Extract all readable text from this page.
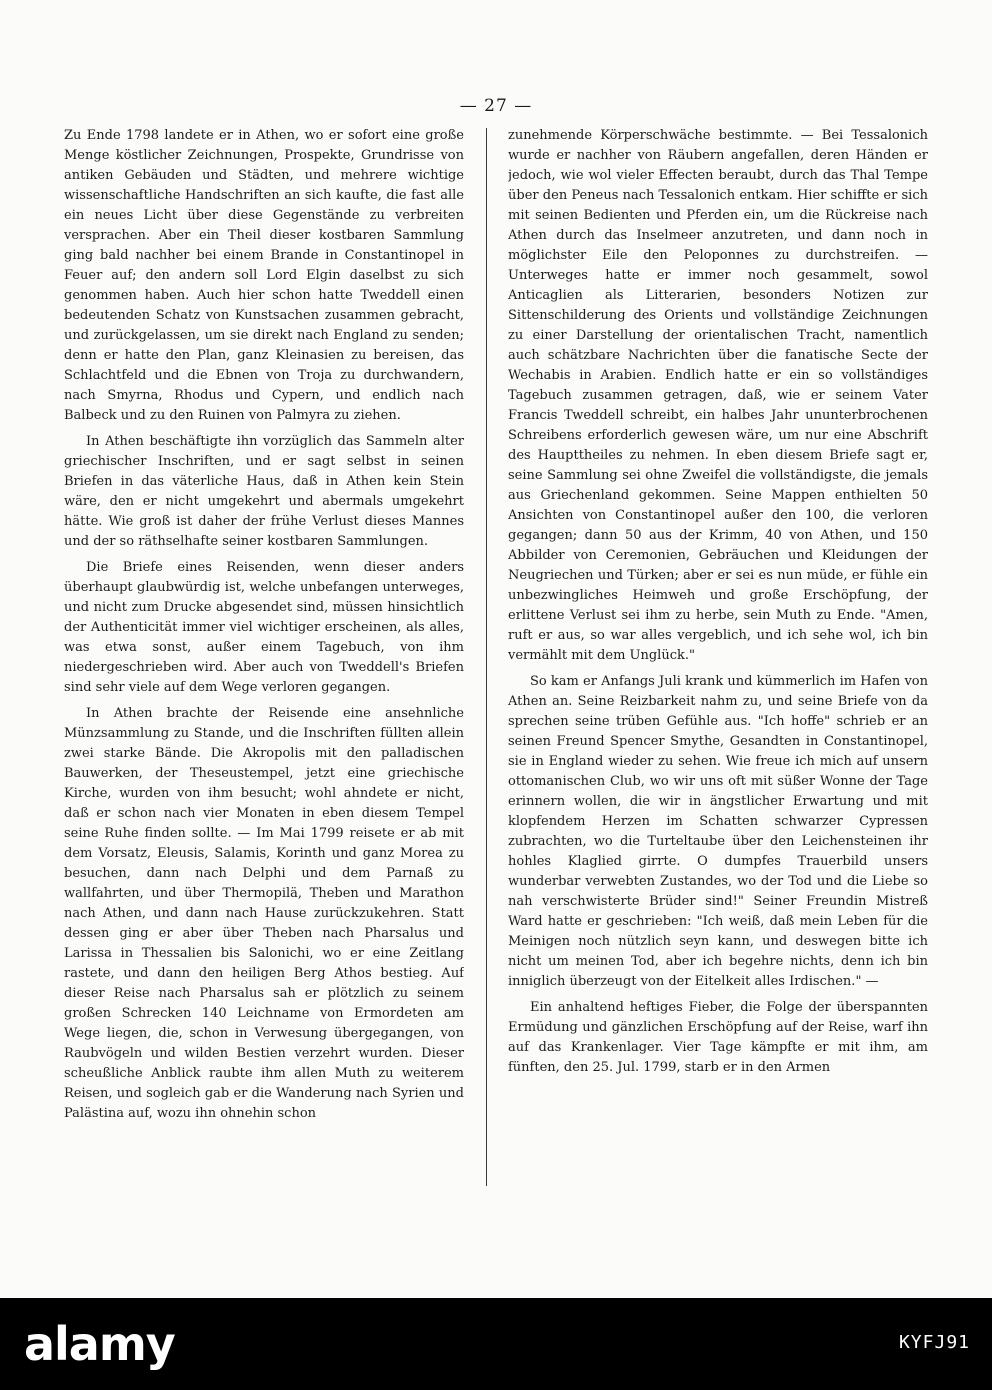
— 27 —

Zu Ende 1798 landete er in Athen, wo er sofort eine große Menge köstlicher Zeichnungen, Prospekte, Grundrisse von antiken Gebäuden und Städten, und mehrere wichtige wissenschaftliche Handschriften an sich kaufte, die fast alle ein neues Licht über diese Gegenstände zu verbreiten versprachen. Aber ein Theil dieser kostbaren Sammlung ging bald nachher bei einem Brande in Constantinopel in Feuer auf; den andern soll Lord Elgin daselbst zu sich genommen haben. Auch hier schon hatte Tweddell einen bedeutenden Schatz von Kunstsachen zusammen gebracht, und zurückgelassen, um sie direkt nach England zu senden; denn er hatte den Plan, ganz Kleinasien zu bereisen, das Schlachtfeld und die Ebnen von Troja zu durchwandern, nach Smyrna, Rhodus und Cypern, und endlich nach Balbeck und zu den Ruinen von Palmyra zu ziehen.

In Athen beschäftigte ihn vorzüglich das Sammeln alter griechischer Inschriften, und er sagt selbst in seinen Briefen in das väterliche Haus, daß in Athen kein Stein wäre, den er nicht umgekehrt und abermals umgekehrt hätte. Wie groß ist daher der frühe Verlust dieses Mannes und der so räthselhafte seiner kostbaren Sammlungen.

Die Briefe eines Reisenden, wenn dieser anders überhaupt glaubwürdig ist, welche unbefangen unterweges, und nicht zum Drucke abgesendet sind, müssen hinsichtlich der Authenticität immer viel wichtiger erscheinen, als alles, was etwa sonst, außer einem Tagebuch, von ihm niedergeschrieben wird. Aber auch von Tweddell's Briefen sind sehr viele auf dem Wege verloren gegangen.

In Athen brachte der Reisende eine ansehnliche Münzsammlung zu Stande, und die Inschriften füllten allein zwei starke Bände. Die Akropolis mit den palladischen Bauwerken, der Theseustempel, jetzt eine griechische Kirche, wurden von ihm besucht; wohl ahndete er nicht, daß er schon nach vier Monaten in eben diesem Tempel seine Ruhe finden sollte. — Im Mai 1799 reisete er ab mit dem Vorsatz, Eleusis, Salamis, Korinth und ganz Morea zu besuchen, dann nach Delphi und dem Parnaß zu wallfahrten, und über Thermopilä, Theben und Marathon nach Athen, und dann nach Hause zurückzukehren. Statt dessen ging er aber über Theben nach Pharsalus und Larissa in Thessalien bis Salonichi, wo er eine Zeitlang rastete, und dann den heiligen Berg Athos bestieg. Auf dieser Reise nach Pharsalus sah er plötzlich zu seinem großen Schrecken 140 Leichname von Ermordeten am Wege liegen, die, schon in Verwesung übergegangen, von Raubvögeln und wilden Bestien verzehrt wurden. Dieser scheußliche Anblick raubte ihm allen Muth zu weiterem Reisen, und sogleich gab er die Wanderung nach Syrien und Palästina auf, wozu ihn ohnehin schon

zunehmende Körperschwäche bestimmte. — Bei Tessalonich wurde er nachher von Räubern angefallen, deren Händen er jedoch, wie wol vieler Effecten beraubt, durch das Thal Tempe über den Peneus nach Tessalonich entkam. Hier schiffte er sich mit seinen Bedienten und Pferden ein, um die Rückreise nach Athen durch das Inselmeer anzutreten, und dann noch in möglichster Eile den Peloponnes zu durchstreifen. — Unterweges hatte er immer noch gesammelt, sowol Anticaglien als Litterarien, besonders Notizen zur Sittenschilderung des Orients und vollständige Zeichnungen zu einer Darstellung der orientalischen Tracht, namentlich auch schätzbare Nachrichten über die fanatische Secte der Wechabis in Arabien. Endlich hatte er ein so vollständiges Tagebuch zusammen getragen, daß, wie er seinem Vater Francis Tweddell schreibt, ein halbes Jahr ununterbrochenen Schreibens erforderlich gewesen wäre, um nur eine Abschrift des Haupttheiles zu nehmen. In eben diesem Briefe sagt er, seine Sammlung sei ohne Zweifel die vollständigste, die jemals aus Griechenland gekommen. Seine Mappen enthielten 50 Ansichten von Constantinopel außer den 100, die verloren gegangen; dann 50 aus der Krimm, 40 von Athen, und 150 Abbilder von Ceremonien, Gebräuchen und Kleidungen der Neugriechen und Türken; aber er sei es nun müde, er fühle ein unbezwingliches Heimweh und große Erschöpfung, der erlittene Verlust sei ihm zu herbe, sein Muth zu Ende. "Amen, ruft er aus, so war alles vergeblich, und ich sehe wol, ich bin vermählt mit dem Unglück."

So kam er Anfangs Juli krank und kümmerlich im Hafen von Athen an. Seine Reizbarkeit nahm zu, und seine Briefe von da sprechen seine trüben Gefühle aus. "Ich hoffe" schrieb er an seinen Freund Spencer Smythe, Gesandten in Constantinopel, sie in England wieder zu sehen. Wie freue ich mich auf unsern ottomanischen Club, wo wir uns oft mit süßer Wonne der Tage erinnern wollen, die wir in ängstlicher Erwartung und mit klopfendem Herzen im Schatten schwarzer Cypressen zubrachten, wo die Turteltaube über den Leichensteinen ihr hohles Klaglied girrte. O dumpfes Trauerbild unsers wunderbar verwebten Zustandes, wo der Tod und die Liebe so nah verschwisterte Brüder sind!" Seiner Freundin Mistreß Ward hatte er geschrieben: "Ich weiß, daß mein Leben für die Meinigen noch nützlich seyn kann, und deswegen bitte ich nicht um meinen Tod, aber ich begehre nichts, denn ich bin inniglich überzeugt von der Eitelkeit alles Irdischen." —

Ein anhaltend heftiges Fieber, die Folge der überspannten Ermüdung und gänzlichen Erschöpfung auf der Reise, warf ihn auf das Krankenlager. Vier Tage kämpfte er mit ihm, am fünften, den 25. Jul. 1799, starb er in den Armen

alamy	KYFJ91
